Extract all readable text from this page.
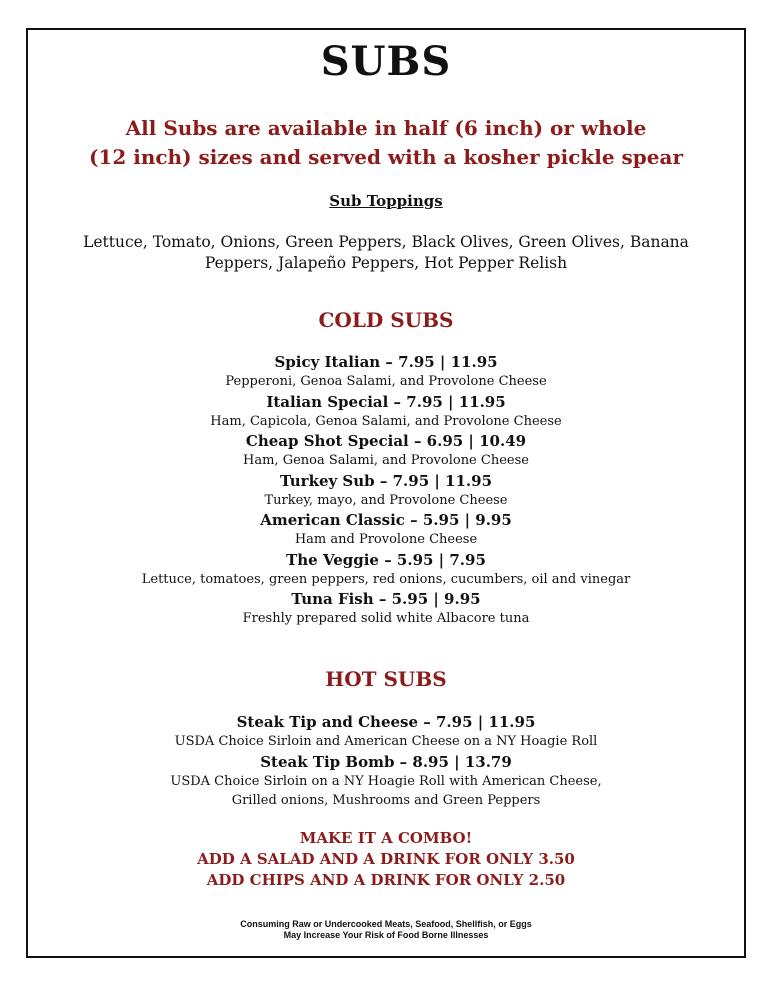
SUBS
All Subs are available in half (6 inch) or whole
(12 inch) sizes and served with a kosher pickle spear
Sub Toppings
Lettuce, Tomato, Onions, Green Peppers, Black Olives, Green Olives, Banana
Peppers, Jalapeño Peppers, Hot Pepper Relish
COLD SUBS
Spicy Italian – 7.95 | 11.95
Pepperoni, Genoa Salami, and Provolone Cheese
Italian Special – 7.95 | 11.95
Ham, Capicola, Genoa Salami, and Provolone Cheese
Cheap Shot Special – 6.95 | 10.49
Ham, Genoa Salami, and Provolone Cheese
Turkey Sub – 7.95 | 11.95
Turkey, mayo, and Provolone Cheese
American Classic – 5.95 | 9.95
Ham and Provolone Cheese
The Veggie – 5.95 | 7.95
Lettuce, tomatoes, green peppers, red onions, cucumbers, oil and vinegar
Tuna Fish – 5.95 | 9.95
Freshly prepared solid white Albacore tuna
HOT SUBS
Steak Tip and Cheese – 7.95 | 11.95
USDA Choice Sirloin and American Cheese on a NY Hoagie Roll
Steak Tip Bomb – 8.95 | 13.79
USDA Choice Sirloin on a NY Hoagie Roll with American Cheese,
Grilled onions, Mushrooms and Green Peppers
MAKE IT A COMBO!
ADD A SALAD AND A DRINK FOR ONLY 3.50
ADD CHIPS AND A DRINK FOR ONLY 2.50
Consuming Raw or Undercooked Meats, Seafood, Shellfish, or Eggs
May Increase Your Risk of Food Borne Illnesses
